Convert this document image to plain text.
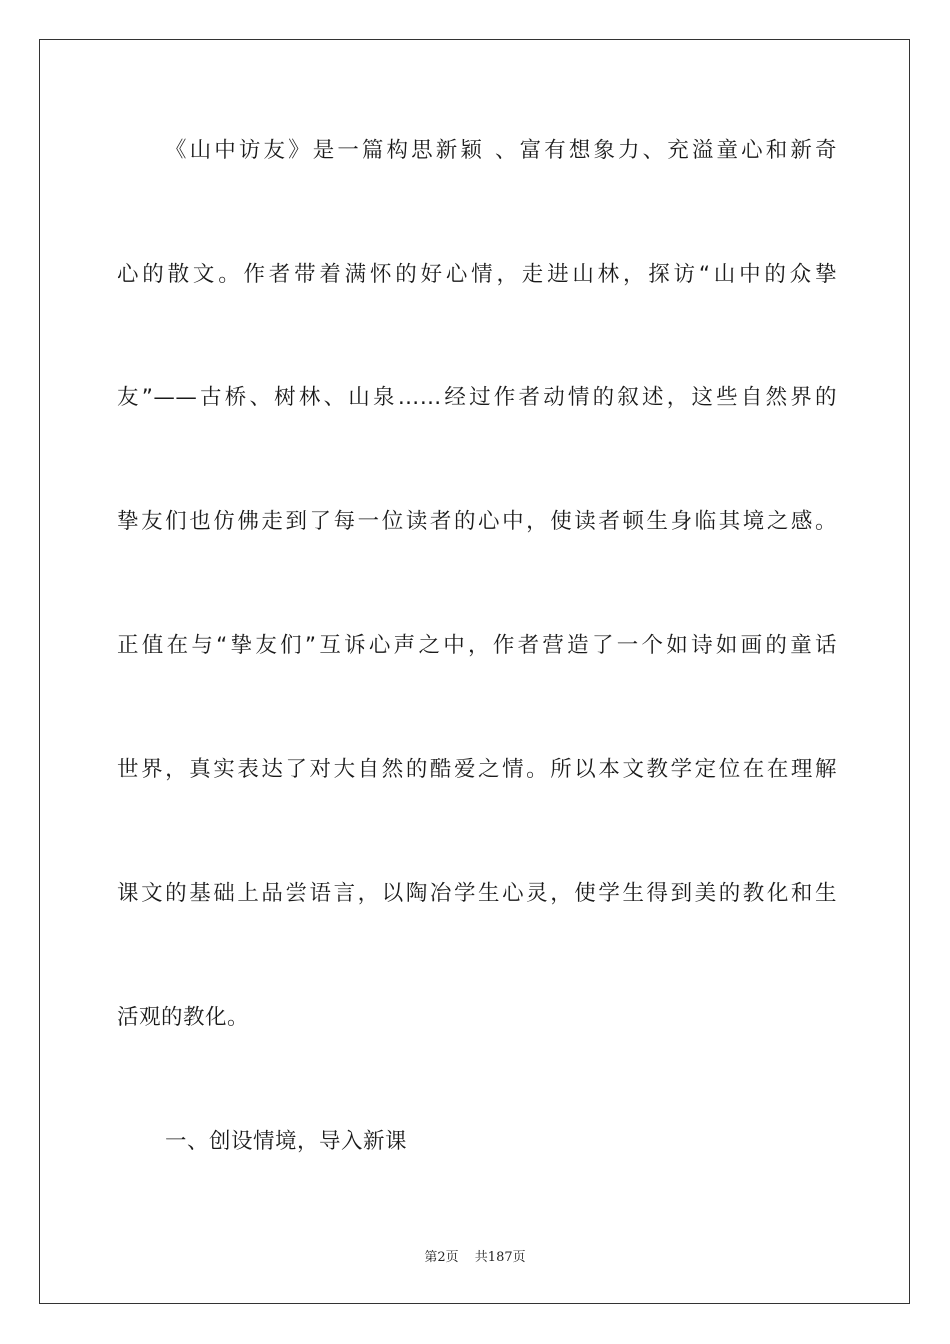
《山中访友》是一篇构思新颖 、富有想象力、充溢童心和新奇
心的散文。作者带着满怀的好心情，走进山林，探访“山中的众挚
友”——古桥、树林、山泉……经过作者动情的叙述，这些自然界的
挚友们也仿佛走到了每一位读者的心中，使读者顿生身临其境之感。
正值在与“挚友们”互诉心声之中，作者营造了一个如诗如画的童话
世界，真实表达了对大自然的酷爱之情。所以本文教学定位在在理解
课文的基础上品尝语言，以陶冶学生心灵，使学生得到美的教化和生
活观的教化。
一、创设情境，导入新课
第2页 共187页
